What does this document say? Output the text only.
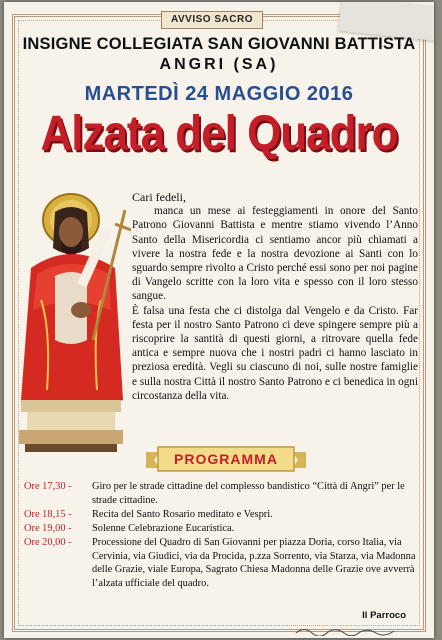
AVVISO SACRO
INSIGNE COLLEGIATA SAN GIOVANNI BATTISTA
ANGRI (SA)
MARTEDÌ 24 MAGGIO 2016
Alzata del Quadro

Cari fedeli,

manca un mese ai festeggiamenti in onore del Santo Patrono Giovanni Battista e mentre stiamo vivendo l’Anno Santo della Misericordia ci sentiamo ancor più chiamati a vivere la nostra fede e la nostra devozione ai Santi con lo sguardo sempre rivolto a Cristo perché essi sono per noi pagine di Vangelo scritte con la loro vita e spesso con il loro stesso sangue.

È falsa una festa che ci distolga dal Vengelo e da Cristo. Far festa per il nostro Santo Patrono ci deve spingere sempre più a riscoprire la santità di questi giorni, a ritrovare quella fede antica e sempre nuova che i nostri padri ci hanno lasciato in preziosa eredità. Vegli su ciascuno di noi, sulle nostre famiglie e sulla nostra Città il nostro Santo Patrono e ci benedica in ogni circostanza della vita.

PROGRAMMA
Ore 17,30 -	Giro per le strade cittadine del complesso bandistico “Città di Angri” per le strade cittadine.
Ore 18,15 -	Recita del Santo Rosario meditato e Vespri.
Ore 19,00 -	Solenne Celebrazione Eucaristica.
Ore 20,00 -	Processione del Quadro di San Giovanni per piazza Doria, corso Italia, via Cervinia, via Giudici, via da Procida, p.zza Sorrento, via Starza, via Madonna delle Grazie, viale Europa, Sagrato Chiesa Madonna delle Grazie ove avverrà l’alzata ufficiale del quadro.
Il Parroco
